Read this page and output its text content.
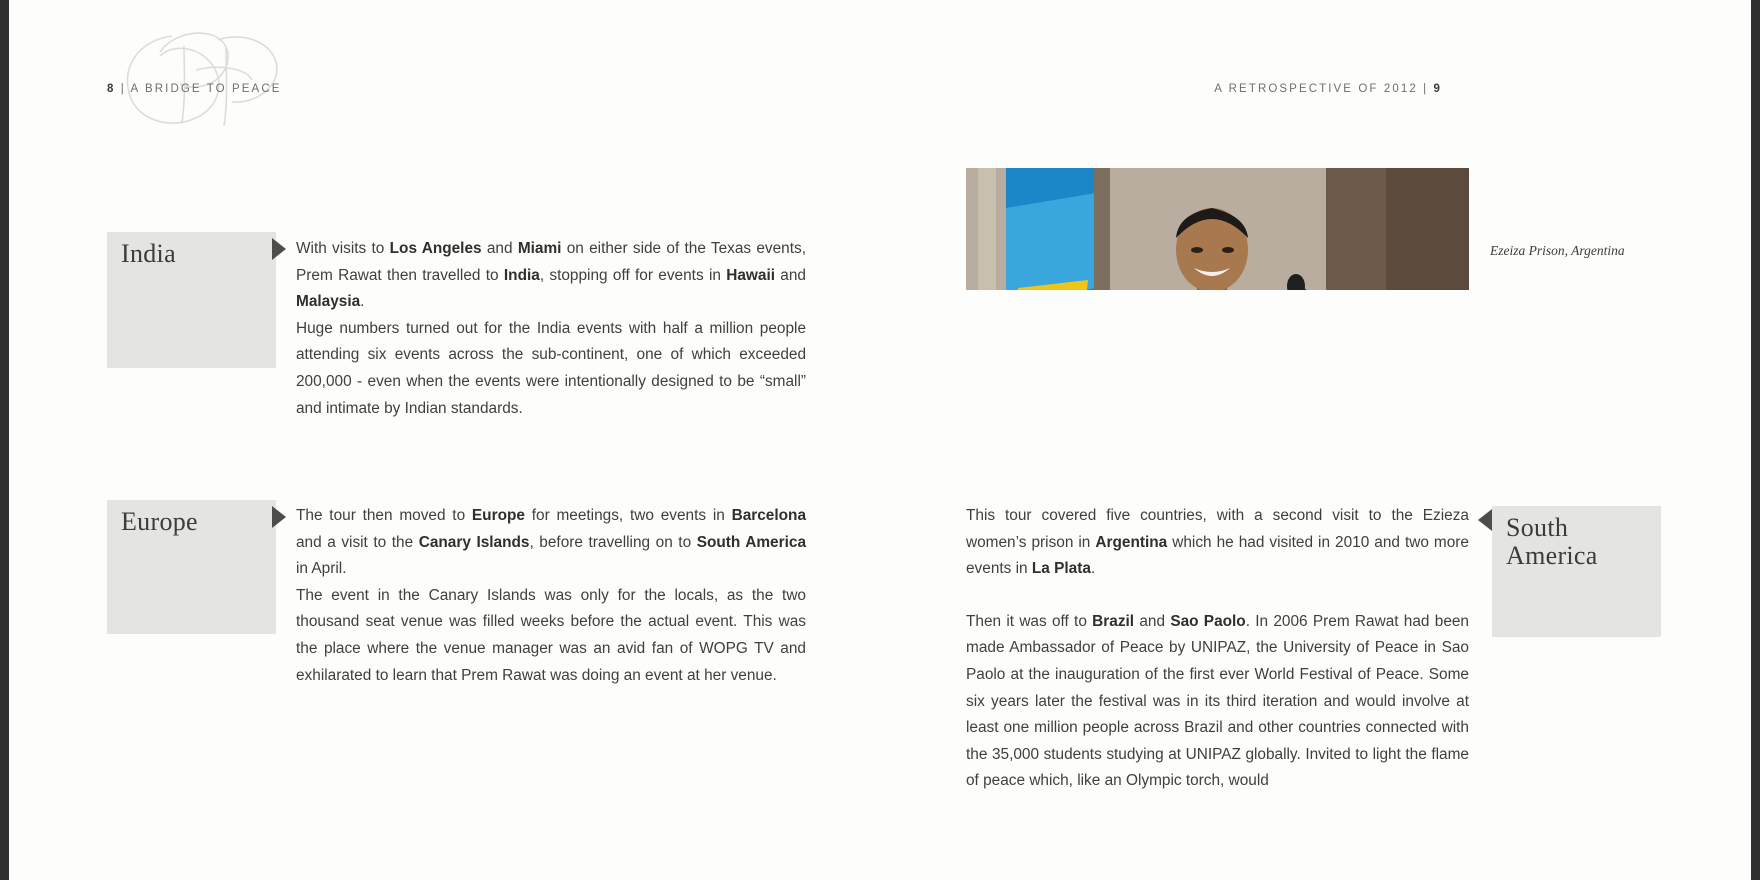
8 | A BRIDGE TO PEACE	A RETROSPECTIVE OF 2012 | 9
India	With visits to Los Angeles and Miami on either side of the Texas events, Prem Rawat then travelled to India, stopping off for events in Hawaii and Malaysia.

Huge numbers turned out for the India events with half a million people attending six events across the sub-continent, one of which exceeded 200,000 - even when the events were intentionally designed to be “small” and intimate by Indian standards.

Europe	The tour then moved to Europe for meetings, two events in Barcelona and a visit to the Canary Islands, before travelling on to South America in April.

The event in the Canary Islands was only for the locals, as the two thousand seat venue was filled weeks before the actual event. This was the place where the venue manager was an avid fan of WOPG TV and exhilarated to learn that Prem Rawat was doing an event at her venue.

Ezeiza Prison, Argentina
South
America

This tour covered five countries, with a second visit to the Ezieza women’s prison in Argentina which he had visited in 2010 and two more events in La Plata.

Then it was off to Brazil and Sao Paolo. In 2006 Prem Rawat had been made Ambassador of Peace by UNIPAZ, the University of Peace in Sao Paolo at the inauguration of the first ever World Festival of Peace. Some six years later the festival was in its third iteration and would involve at least one million people across Brazil and other countries connected with the 35,000 students studying at UNIPAZ globally. Invited to light the flame of peace which, like an Olympic torch, would
